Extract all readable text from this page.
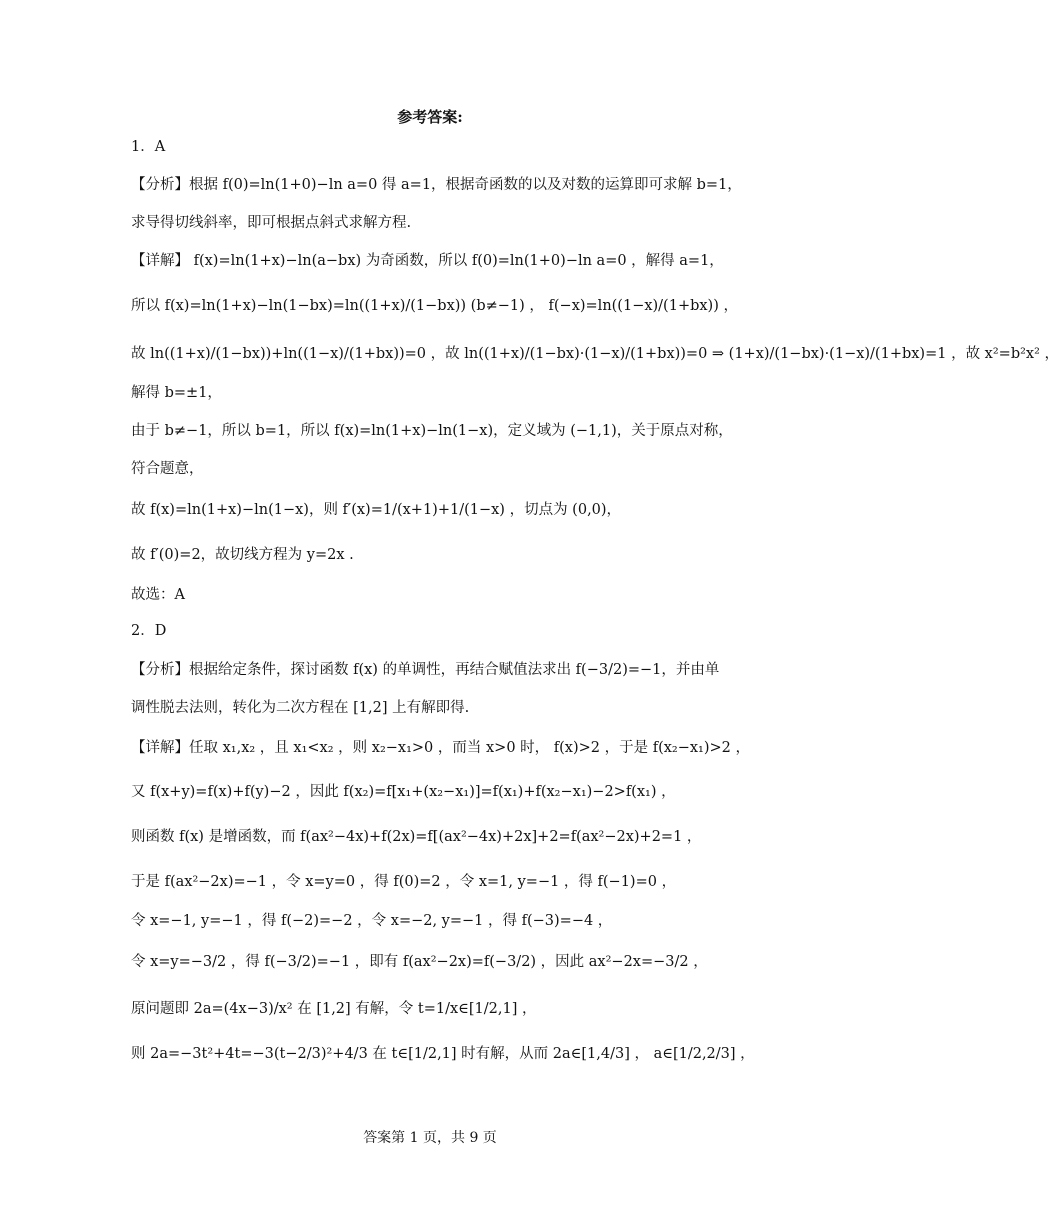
参考答案:
1．A
【分析】根据 f(0)=ln(1+0)−ln a=0 得 a=1，根据奇函数的以及对数的运算即可求解 b=1，
求导得切线斜率，即可根据点斜式求解方程.
【详解】 f(x)=ln(1+x)−ln(a−bx) 为奇函数，所以 f(0)=ln(1+0)−ln a=0 ，解得 a=1，
所以 f(x)=ln(1+x)−ln(1−bx)=ln((1+x)/(1−bx)) (b≠−1) ， f(−x)=ln((1−x)/(1+bx)) ，
故 ln((1+x)/(1−bx))+ln((1−x)/(1+bx))=0 ，故 ln((1+x)/(1−bx)·(1−x)/(1+bx))=0 ⇒ (1+x)/(1−bx)·(1−x)/(1+bx)=1 ，故 x²=b²x² ，
解得 b=±1，
由于 b≠−1，所以 b=1，所以 f(x)=ln(1+x)−ln(1−x)，定义域为 (−1,1)，关于原点对称，
符合题意，
故 f(x)=ln(1+x)−ln(1−x)，则 f′(x)=1/(x+1)+1/(1−x) ，切点为 (0,0)，
故 f′(0)=2，故切线方程为 y=2x .
故选：A
2．D
【分析】根据给定条件，探讨函数 f(x) 的单调性，再结合赋值法求出 f(−3/2)=−1，并由单
调性脱去法则，转化为二次方程在 [1,2] 上有解即得.
【详解】任取 x₁,x₂ ，且 x₁<x₂ ，则 x₂−x₁>0 ，而当 x>0 时， f(x)>2 ，于是 f(x₂−x₁)>2 ，
又 f(x+y)=f(x)+f(y)−2 ，因此 f(x₂)=f[x₁+(x₂−x₁)]=f(x₁)+f(x₂−x₁)−2>f(x₁) ，
则函数 f(x) 是增函数，而 f(ax²−4x)+f(2x)=f[(ax²−4x)+2x]+2=f(ax²−2x)+2=1 ，
于是 f(ax²−2x)=−1 ，令 x=y=0 ，得 f(0)=2 ，令 x=1, y=−1 ，得 f(−1)=0 ，
令 x=−1, y=−1 ，得 f(−2)=−2 ，令 x=−2, y=−1 ，得 f(−3)=−4 ，
令 x=y=−3/2 ，得 f(−3/2)=−1 ，即有 f(ax²−2x)=f(−3/2) ，因此 ax²−2x=−3/2 ，
原问题即 2a=(4x−3)/x² 在 [1,2] 有解，令 t=1/x∈[1/2,1] ，
则 2a=−3t²+4t=−3(t−2/3)²+4/3 在 t∈[1/2,1] 时有解，从而 2a∈[1,4/3] ， a∈[1/2,2/3] ，
答案第 1 页，共 9 页
